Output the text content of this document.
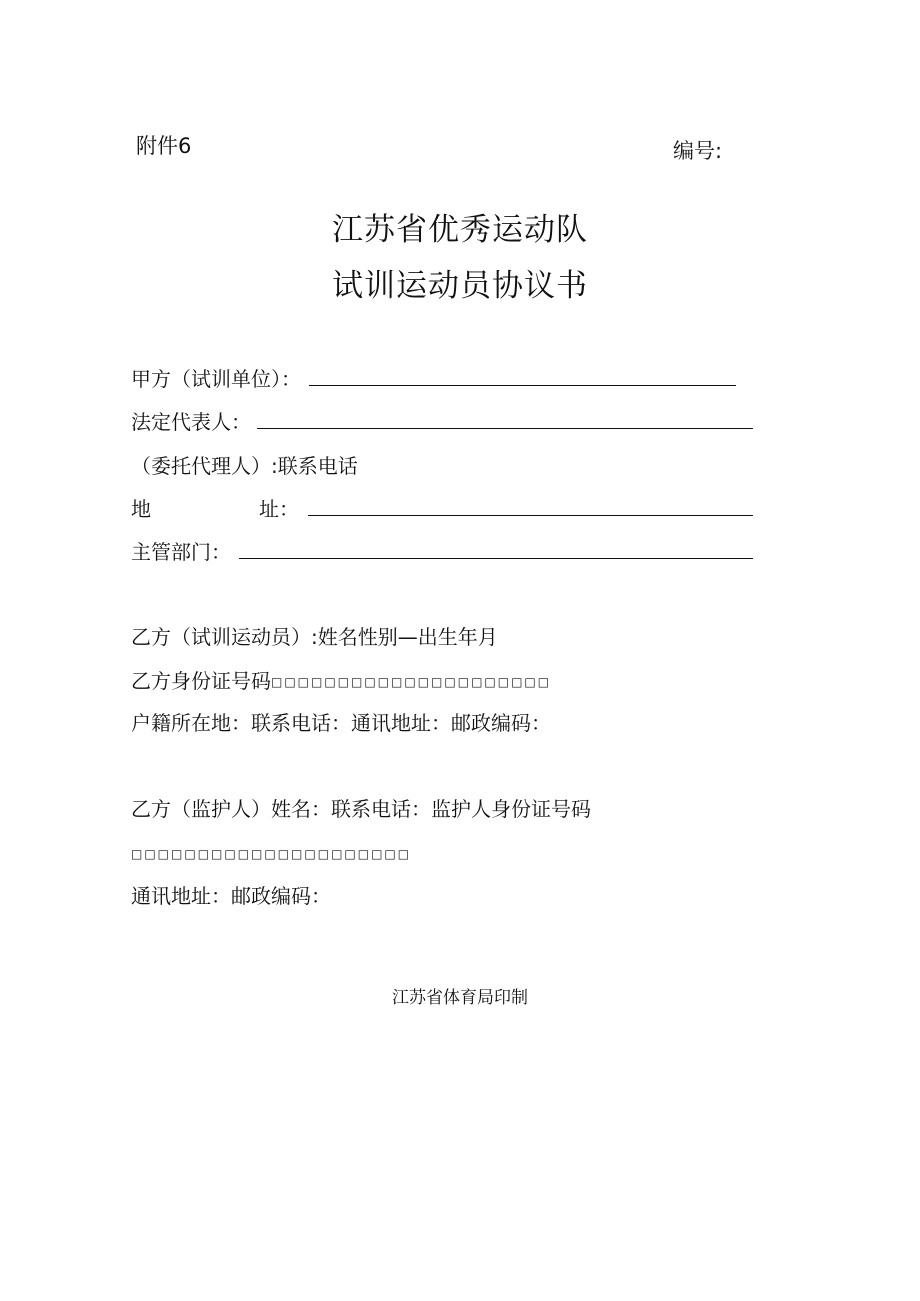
附件6	编号:
江苏省优秀运动队
试训运动员协议书
甲方（试训单位）：
法定代表人：
（委托代理人）:联系电话
地	址：
主管部门：
乙方（试训运动员）:姓名性别—出生年月
乙方身份证号码 □□□□□□□□□□□□□□□□□□□□□
户籍所在地：联系电话：通讯地址：邮政编码：
乙方（监护人）姓名：联系电话：监护人身份证号码
□□□□□□□□□□□□□□□□□□□□□
通讯地址：邮政编码：
江苏省体育局印制
